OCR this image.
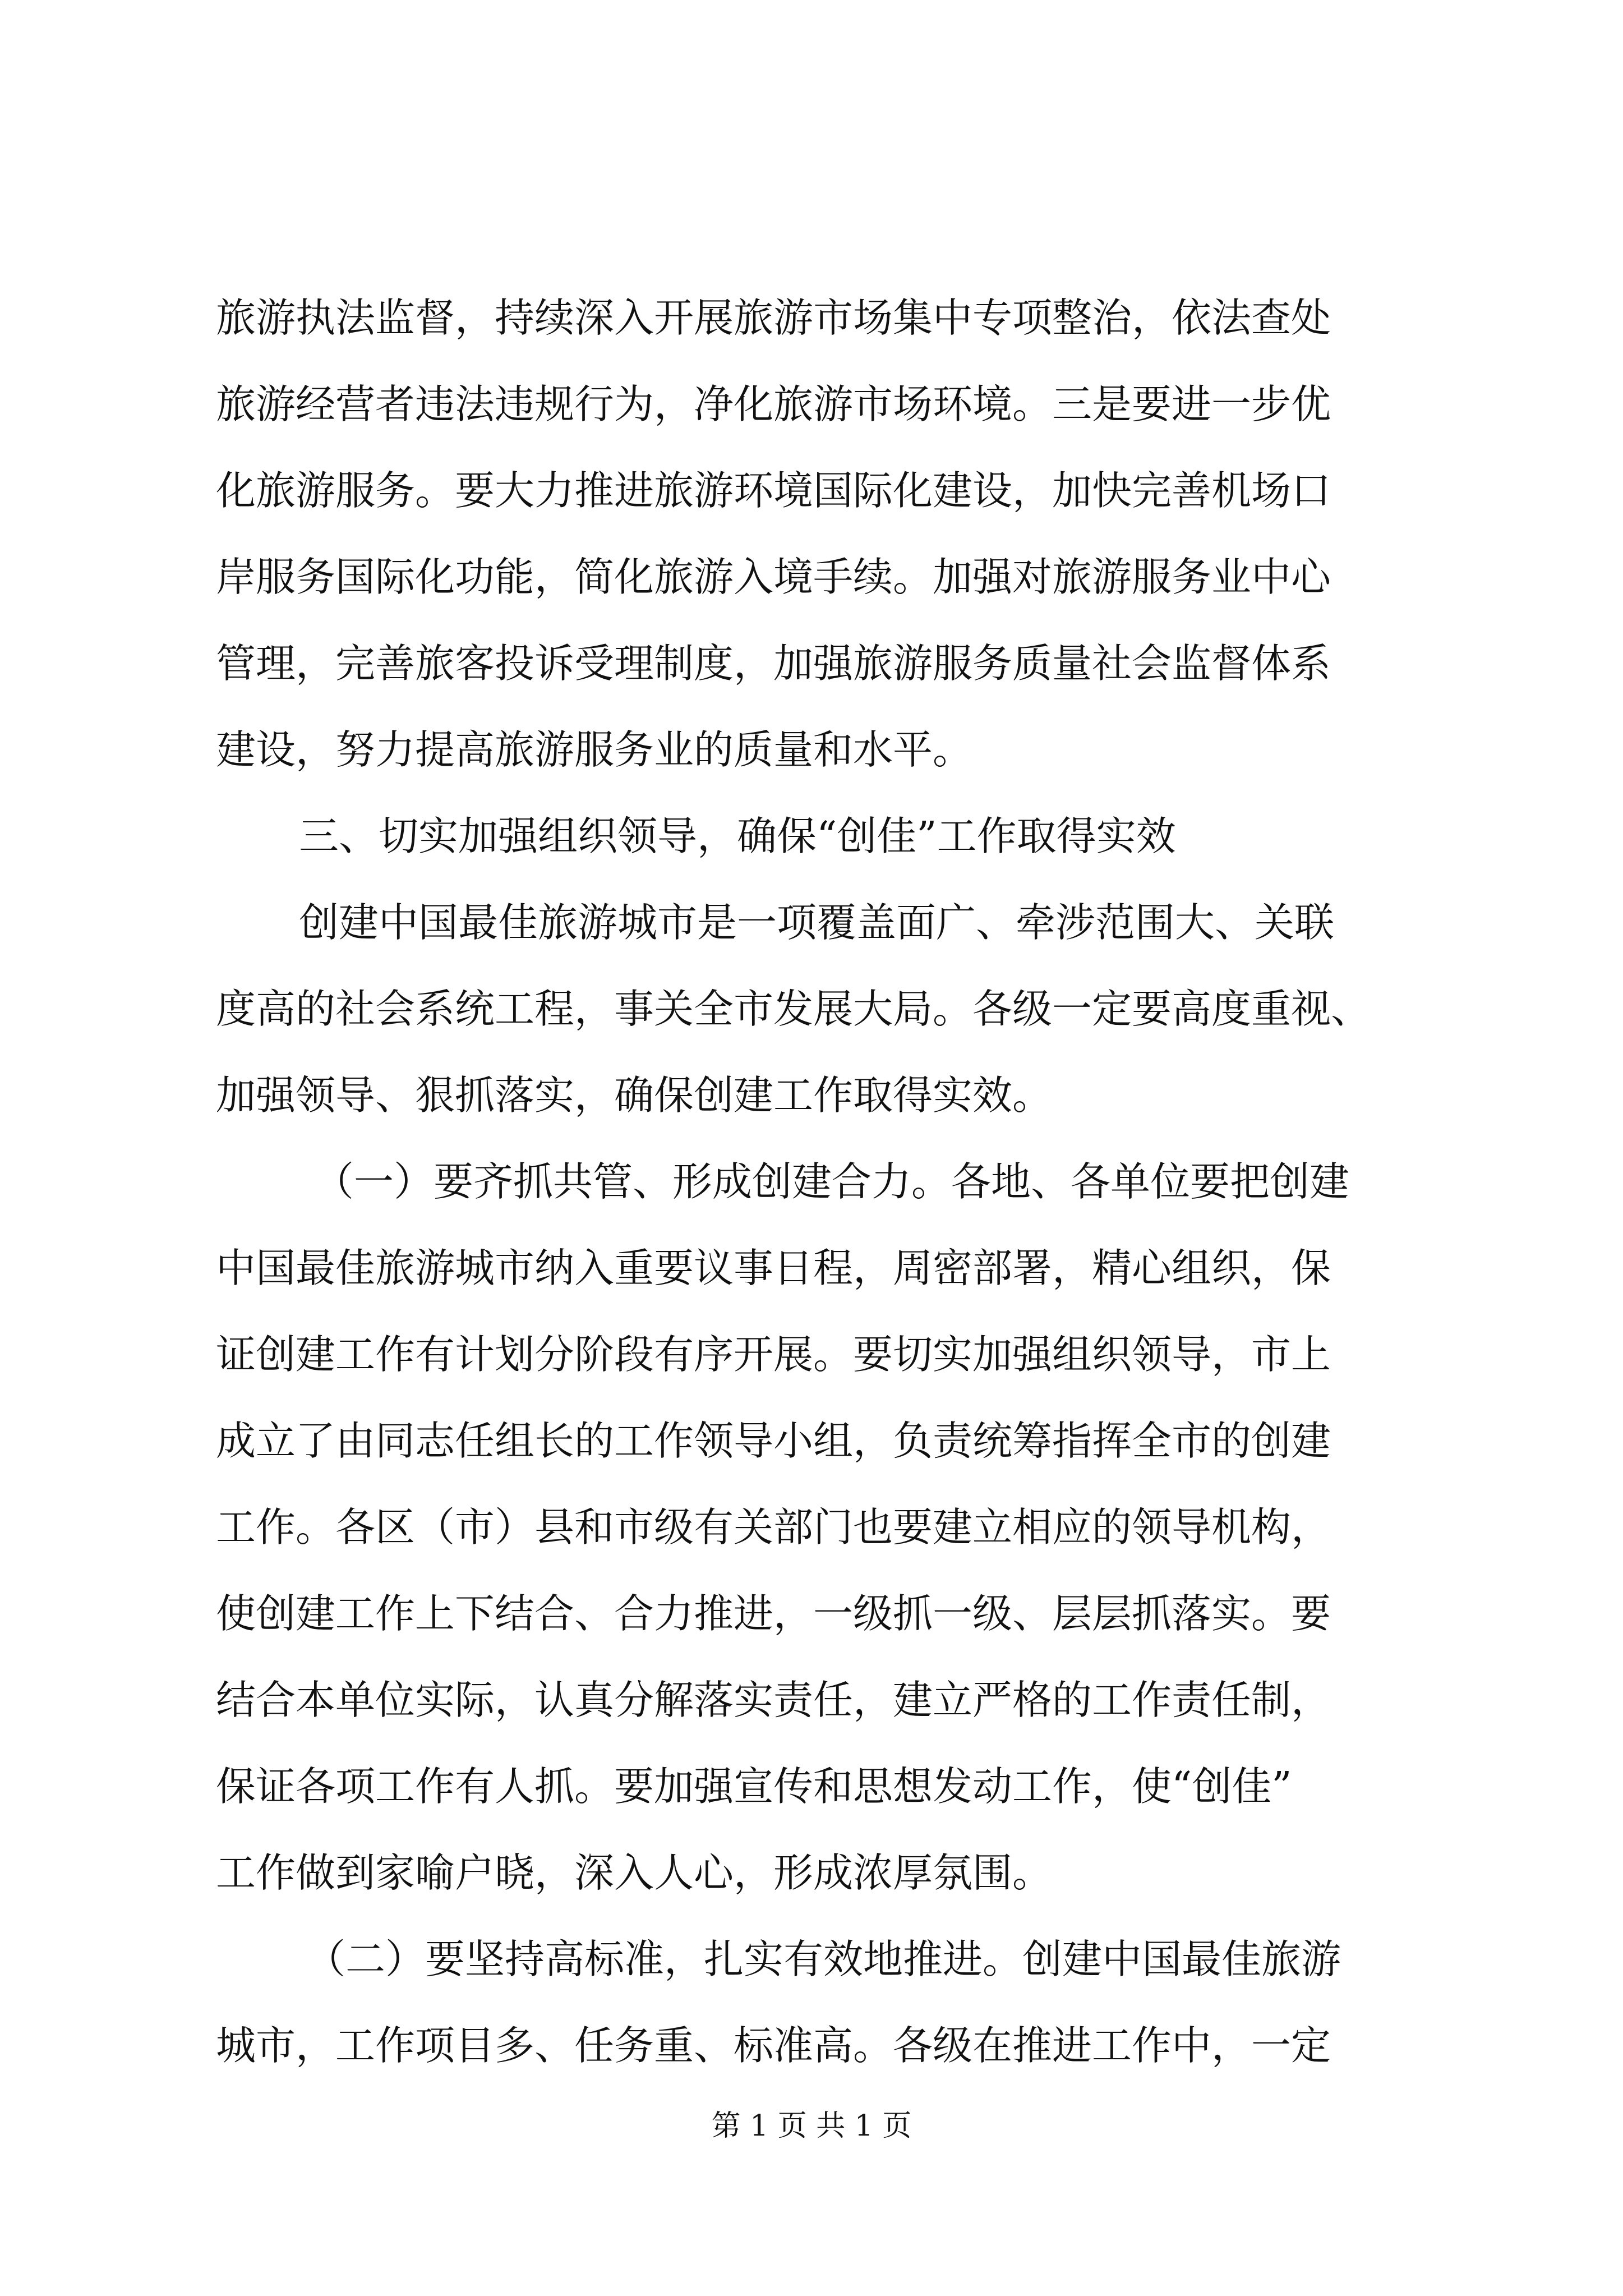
旅游执法监督，持续深入开展旅游市场集中专项整治，依法查处
旅游经营者违法违规行为，净化旅游市场环境。三是要进一步优
化旅游服务。要大力推进旅游环境国际化建设，加快完善机场口
岸服务国际化功能，简化旅游入境手续。加强对旅游服务业中心
管理，完善旅客投诉受理制度，加强旅游服务质量社会监督体系
建设，努力提高旅游服务业的质量和水平。
三、切实加强组织领导，确保“创佳”工作取得实效
创建中国最佳旅游城市是一项覆盖面广、牵涉范围大、关联
度高的社会系统工程，事关全市发展大局。各级一定要高度重视、
加强领导、狠抓落实，确保创建工作取得实效。
（一）要齐抓共管、形成创建合力。各地、各单位要把创建
中国最佳旅游城市纳入重要议事日程，周密部署，精心组织，保
证创建工作有计划分阶段有序开展。要切实加强组织领导，市上
成立了由同志任组长的工作领导小组，负责统筹指挥全市的创建
工作。各区（市）县和市级有关部门也要建立相应的领导机构，
使创建工作上下结合、合力推进，一级抓一级、层层抓落实。要
结合本单位实际，认真分解落实责任，建立严格的工作责任制，
保证各项工作有人抓。要加强宣传和思想发动工作，使“创佳”
工作做到家喻户晓，深入人心，形成浓厚氛围。
（二）要坚持高标准，扎实有效地推进。创建中国最佳旅游
城市，工作项目多、任务重、标准高。各级在推进工作中，一定
第 1 页 共 1 页
